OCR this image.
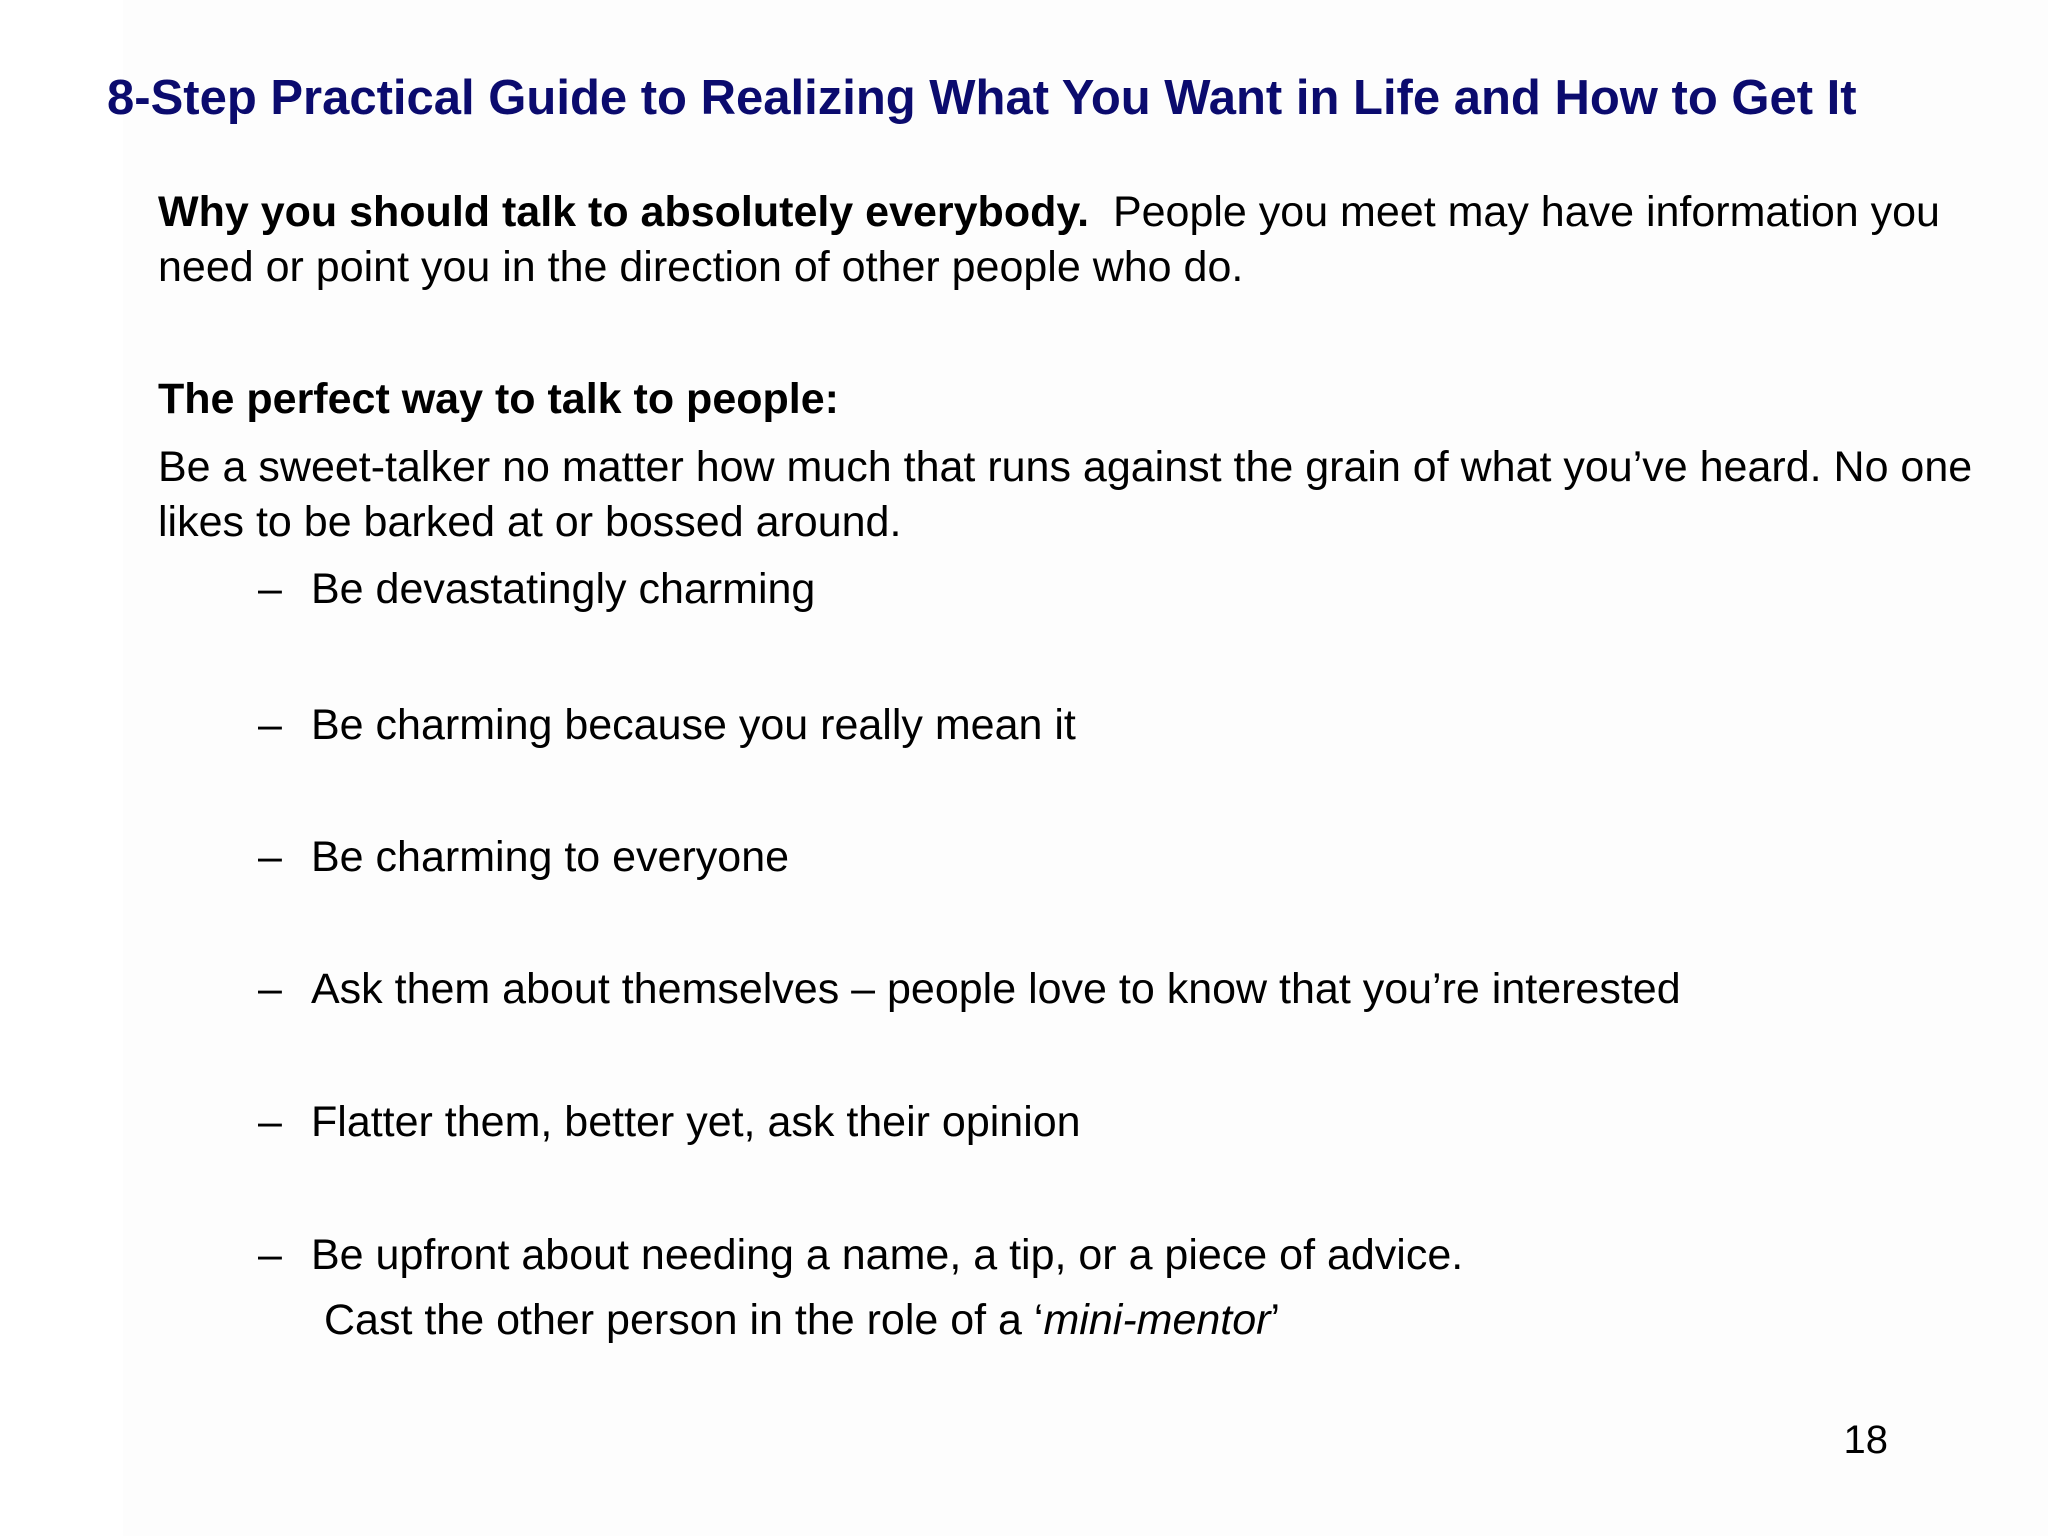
8-Step Practical Guide to Realizing What You Want in Life and How to Get It
Why you should talk to absolutely everybody. People you meet may have information you need or point you in the direction of other people who do.
The perfect way to talk to people:
Be a sweet-talker no matter how much that runs against the grain of what you’ve heard. No one likes to be barked at or bossed around.
– Be devastatingly charming
– Be charming because you really mean it
– Be charming to everyone
– Ask them about themselves – people love to know that you’re interested
– Flatter them, better yet, ask their opinion
– Be upfront about needing a name, a tip, or a piece of advice.
Cast the other person in the role of a ‘mini-mentor’
18
